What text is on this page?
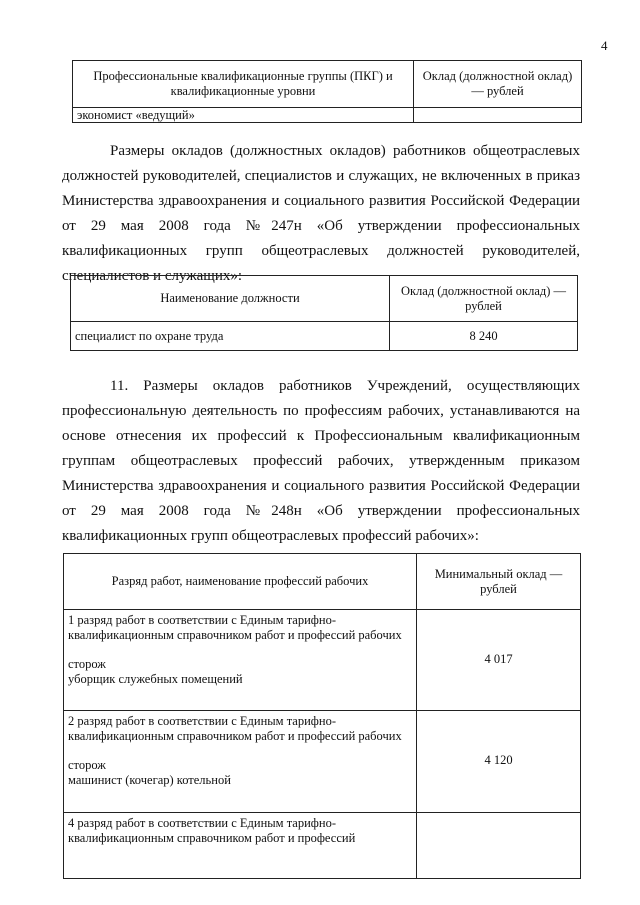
4
Профессиональные квалификационные группы (ПКГ) и квалификационные уровни	Оклад (должностной оклад) — рублей
экономист «ведущий»	

Размеры окладов (должностных окладов) работников общеотраслевых должностей руководителей, специалистов и служащих, не включенных в приказ Министерства здравоохранения и социального развития Российской Федерации от 29 мая 2008 года №247н «Об утверждении профессиональных квалификационных групп общеотраслевых должностей руководителей, специалистов и служащих»:

Наименование должности	Оклад (должностной оклад) — рублей
специалист по охране труда	8 240

11. Размеры окладов работников Учреждений, осуществляющих профессиональную деятельность по профессиям рабочих, устанавливаются на основе отнесения их профессий к Профессиональным квалификационным группам общеотраслевых профессий рабочих, утвержденным приказом Министерства здравоохранения и социального развития Российской Федерации от 29 мая 2008 года №248н «Об утверждении профессиональных квалификационных групп общеотраслевых профессий рабочих»:

Разряд работ, наименование профессий рабочих	Минимальный оклад — рублей

1 разряд работ в соответствии с Единым тарифно-квалификационным справочником работ и профессий рабочих
сторож
уборщик служебных помещений	4 017

2 разряд работ в соответствии с Единым тарифно-квалификационным справочником работ и профессий рабочих
сторож
машинист (кочегар) котельной	4 120

4 разряд работ в соответствии с Единым тарифно-квалификационным справочником работ и профессий	
